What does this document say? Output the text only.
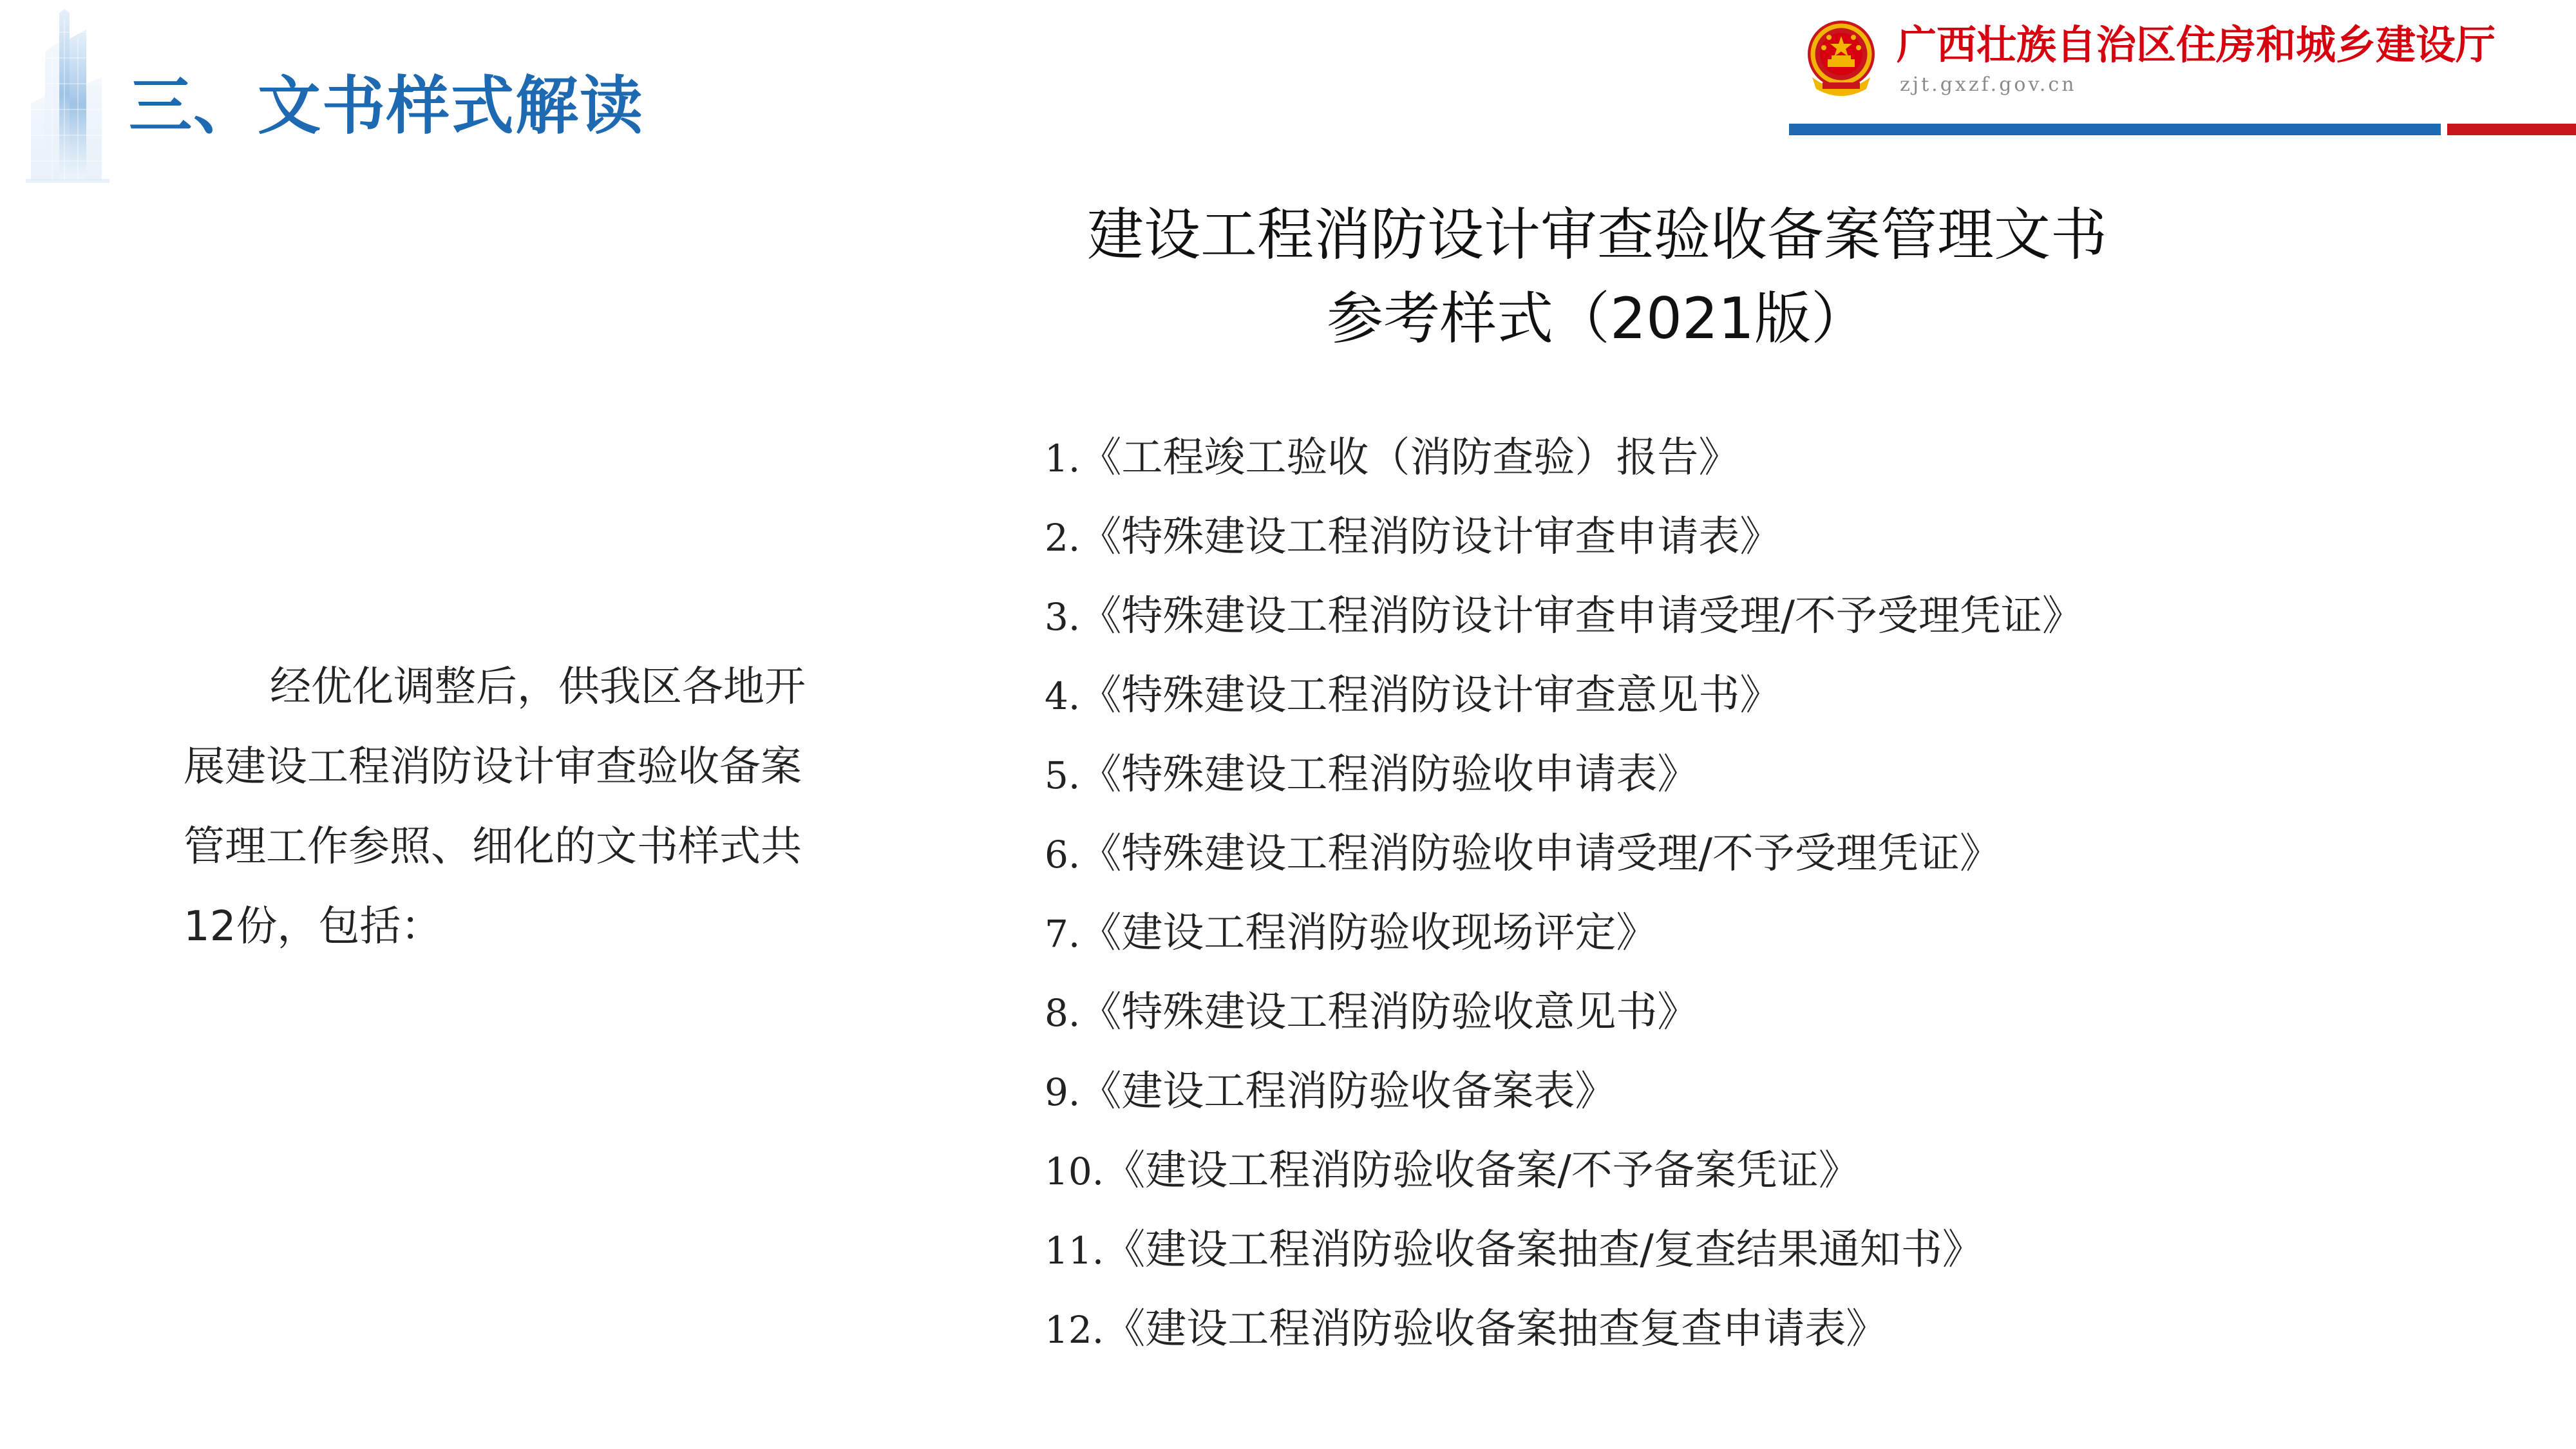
三、文书样式解读
广西壮族自治区住房和城乡建设厅
zjt.gxzf.gov.cn
建设工程消防设计审查验收备案管理文书
参考样式（2021版）
经优化调整后，供我区各地开展建设工程消防设计审查验收备案管理工作参照、细化的文书样式共12份，包括：
1.《工程竣工验收（消防查验）报告》
2.《特殊建设工程消防设计审查申请表》
3.《特殊建设工程消防设计审查申请受理/不予受理凭证》
4.《特殊建设工程消防设计审查意见书》
5.《特殊建设工程消防验收申请表》
6.《特殊建设工程消防验收申请受理/不予受理凭证》
7.《建设工程消防验收现场评定》
8.《特殊建设工程消防验收意见书》
9.《建设工程消防验收备案表》
10.《建设工程消防验收备案/不予备案凭证》
11.《建设工程消防验收备案抽查/复查结果通知书》
12.《建设工程消防验收备案抽查复查申请表》
